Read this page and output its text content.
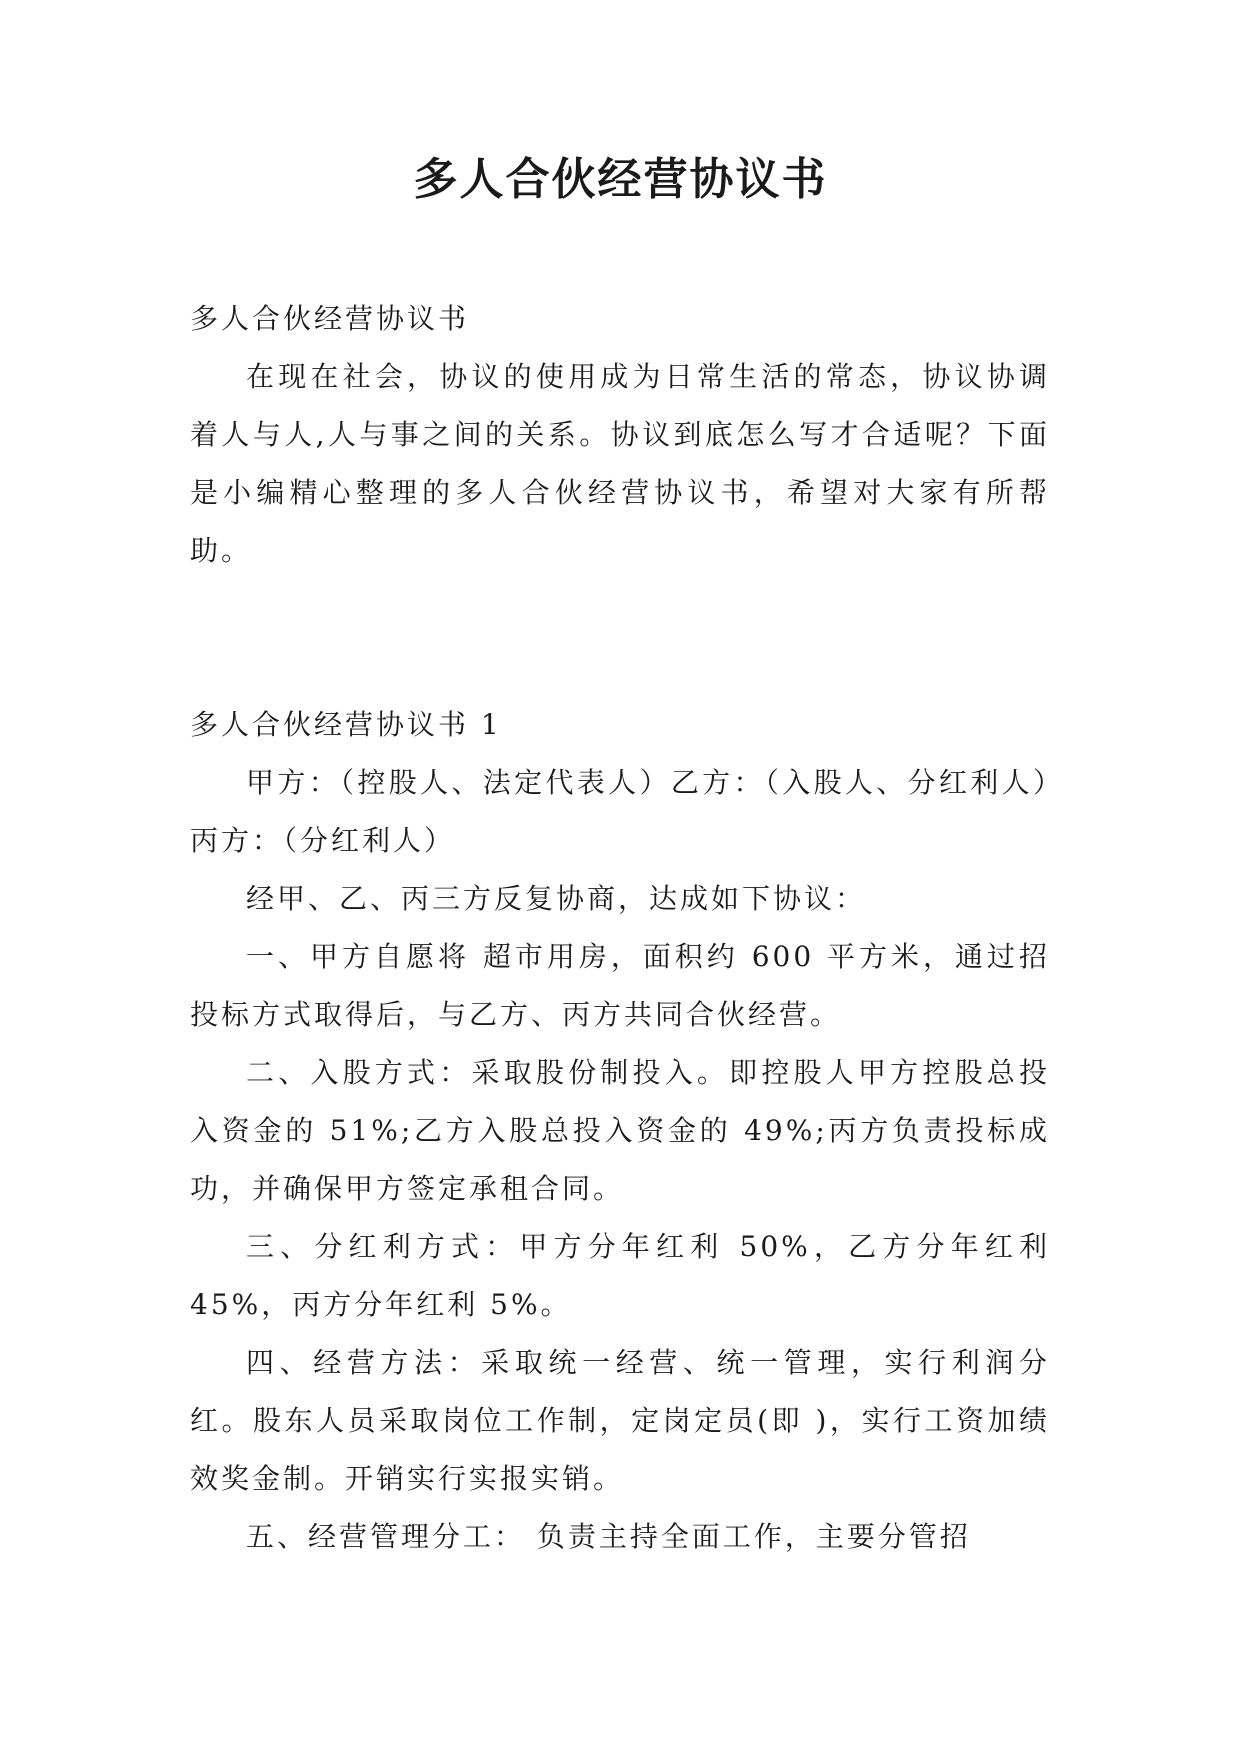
多人合伙经营协议书

多人合伙经营协议书

在现在社会，协议的使用成为日常生活的常态，协议协调着人与人,人与事之间的关系。协议到底怎么写才合适呢？下面是小编精心整理的多人合伙经营协议书，希望对大家有所帮助。

多人合伙经营协议书 1

甲方：（控股人、法定代表人）乙方：（入股人、分红利人）丙方：（分红利人）

经甲、乙、丙三方反复协商，达成如下协议：

一、甲方自愿将 超市用房，面积约 600 平方米，通过招投标方式取得后，与乙方、丙方共同合伙经营。

二、入股方式：采取股份制投入。即控股人甲方控股总投入资金的 51%;乙方入股总投入资金的 49%;丙方负责投标成功，并确保甲方签定承租合同。

三、分红利方式：甲方分年红利 50%，乙方分年红利 45%，丙方分年红利 5%。

四、经营方法：采取统一经营、统一管理，实行利润分红。股东人员采取岗位工作制，定岗定员(即 )，实行工资加绩效奖金制。开销实行实报实销。

五、经营管理分工： 负责主持全面工作，主要分管招
